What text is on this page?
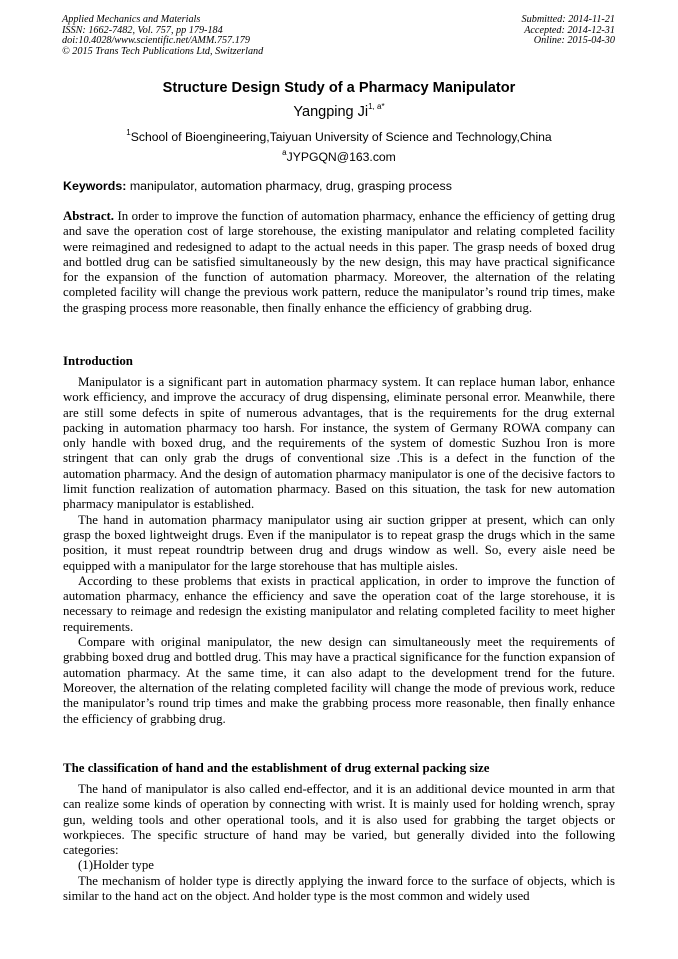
Applied Mechanics and Materials
ISSN: 1662-7482, Vol. 757, pp 179-184
doi:10.4028/www.scientific.net/AMM.757.179
© 2015 Trans Tech Publications Ltd, Switzerland
Submitted: 2014-11-21
Accepted: 2014-12-31
Online: 2015-04-30
Structure Design Study of a Pharmacy Manipulator
Yangping $Ji^{1, a*}$
$^1$School of Bioengineering,Taiyuan University of Science and Technology,China
$^a$JYPGQN@163.com
Keywords: manipulator, automation pharmacy, drug, grasping process

Abstract. In order to improve the function of automation pharmacy, enhance the efficiency of getting drug and save the operation cost of large storehouse, the existing manipulator and relating completed facility were reimagined and redesigned to adapt to the actual needs in this paper. The grasp needs of boxed drug and bottled drug can be satisfied simultaneously by the new design, this may have practical significance for the expansion of the function of automation pharmacy. Moreover, the alternation of the relating completed facility will change the previous work pattern, reduce the manipulator’s round trip times, make the grasping process more reasonable, then finally enhance the efficiency of grabbing drug.

Introduction

Manipulator is a significant part in automation pharmacy system. It can replace human labor, enhance work efficiency, and improve the accuracy of drug dispensing, eliminate personal error. Meanwhile, there are still some defects in spite of numerous advantages, that is the requirements for the drug external packing in automation pharmacy too harsh. For instance, the system of Germany ROWA company can only handle with boxed drug, and the requirements of the system of domestic Suzhou Iron is more stringent that can only grab the drugs of conventional size .This is a defect in the function of the automation pharmacy. And the design of automation pharmacy manipulator is one of the decisive factors to limit function realization of automation pharmacy. Based on this situation, the task for new automation pharmacy manipulator is established.

The hand in automation pharmacy manipulator using air suction gripper at present, which can only grasp the boxed lightweight drugs. Even if the manipulator is to repeat grasp the drugs which in the same position, it must repeat roundtrip between drug and drugs window as well. So, every aisle need be equipped with a manipulator for the large storehouse that has multiple aisles.

According to these problems that exists in practical application, in order to improve the function of automation pharmacy, enhance the efficiency and save the operation coat of the large storehouse, it is necessary to reimage and redesign the existing manipulator and relating completed facility to meet higher requirements.

Compare with original manipulator, the new design can simultaneously meet the requirements of grabbing boxed drug and bottled drug. This may have a practical significance for the function expansion of automation pharmacy. At the same time, it can also adapt to the development trend for the future. Moreover, the alternation of the relating completed facility will change the mode of previous work, reduce the manipulator’s round trip times and make the grabbing process more reasonable, then finally enhance the efficiency of grabbing drug.

The classification of hand and the establishment of drug external packing size

The hand of manipulator is also called end-effector, and it is an additional device mounted in arm that can realize some kinds of operation by connecting with wrist. It is mainly used for holding wrench, spray gun, welding tools and other operational tools, and it is also used for grabbing the target objects or workpieces. The specific structure of hand may be varied, but generally divided into the following categories:

(1)Holder type

The mechanism of holder type is directly applying the inward force to the surface of objects, which is similar to the hand act on the object. And holder type is the most common and widely used
